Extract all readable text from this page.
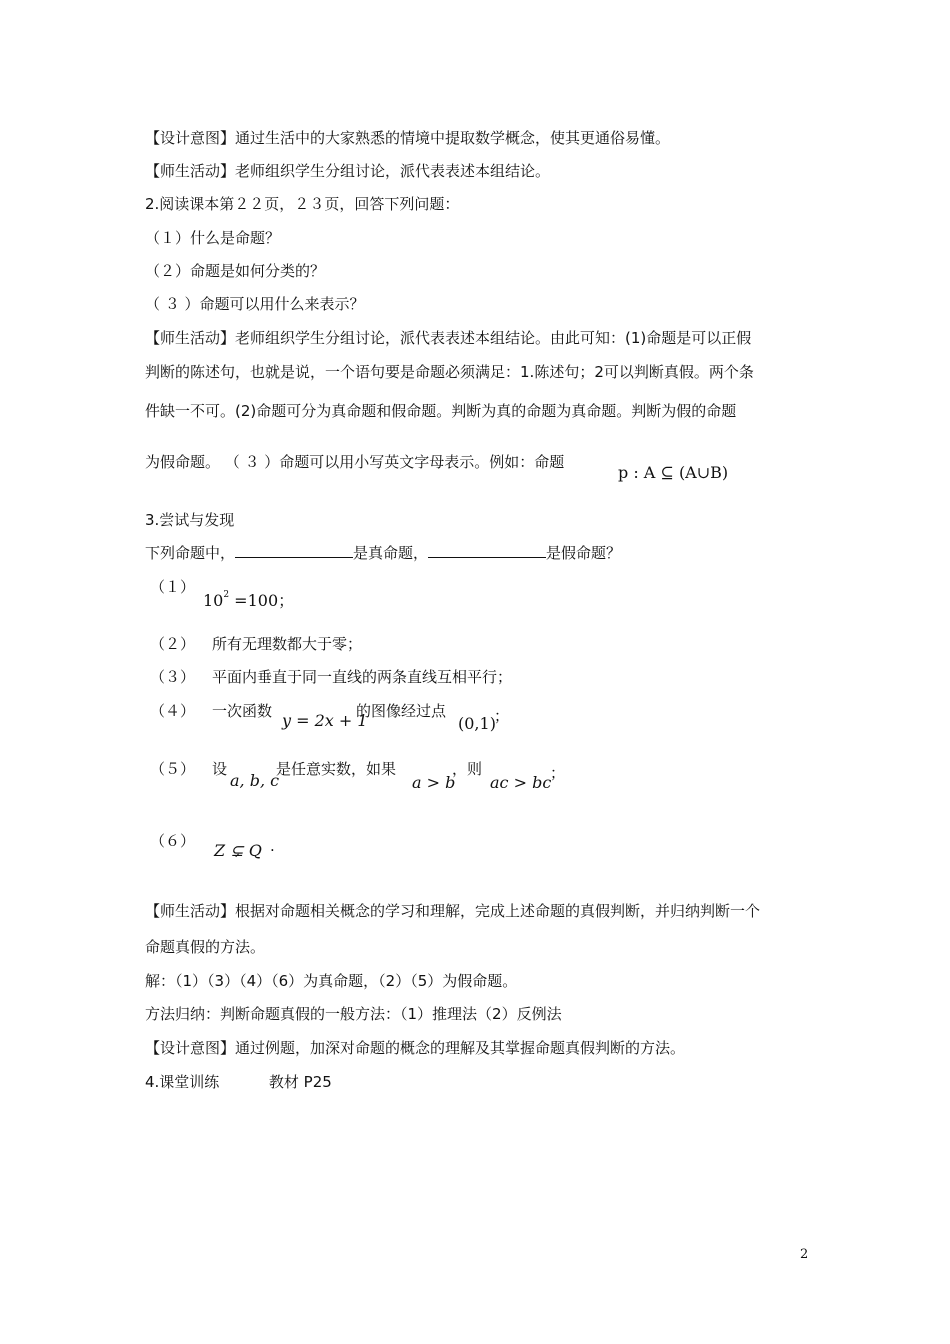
【设计意图】通过生活中的大家熟悉的情境中提取数学概念，使其更通俗易懂。
【师生活动】老师组织学生分组讨论，派代表表述本组结论。
2.阅读课本第２２页，２３页，回答下列问题：
（１）什么是命题？
（２）命题是如何分类的？
（ ３ ）命题可以用什么来表示？
【师生活动】老师组织学生分组讨论，派代表表述本组结论。由此可知：(1)命题是可以正假
判断的陈述句，也就是说，一个语句要是命题必须满足：1.陈述句；2可以判断真假。两个条
件缺一不可。(2)命题可分为真命题和假命题。判断为真的命题为真命题。判断为假的命题
为假命题。 （ ３ ）命题可以用小写英文字母表示。例如：命题
p : A ⊆ (A∪B)
3.尝试与发现
下列命题中，	是真命题，	是假命题？
（１）
$10^2 =100$；
（２） 所有无理数都大于零；
（３） 平面内垂直于同一直线的两条直线互相平行；
（４） 一次函数 y = 2x + 1
的图像经过点
(0,1)
；
（５） 设
a, b, c
是任意实数，如果
a > b
，则
ac > bc
；
（６） Z ⊊ Q .
【师生活动】根据对命题相关概念的学习和理解，完成上述命题的真假判断，并归纳判断一个
命题真假的方法。
解：（1）（3）（4）（6）为真命题，（2）（5）为假命题。
方法归纳：判断命题真假的一般方法：（1）推理法（2）反例法
【设计意图】通过例题，加深对命题的概念的理解及其掌握命题真假判断的方法。
4.课堂训练	教材 P25
2
